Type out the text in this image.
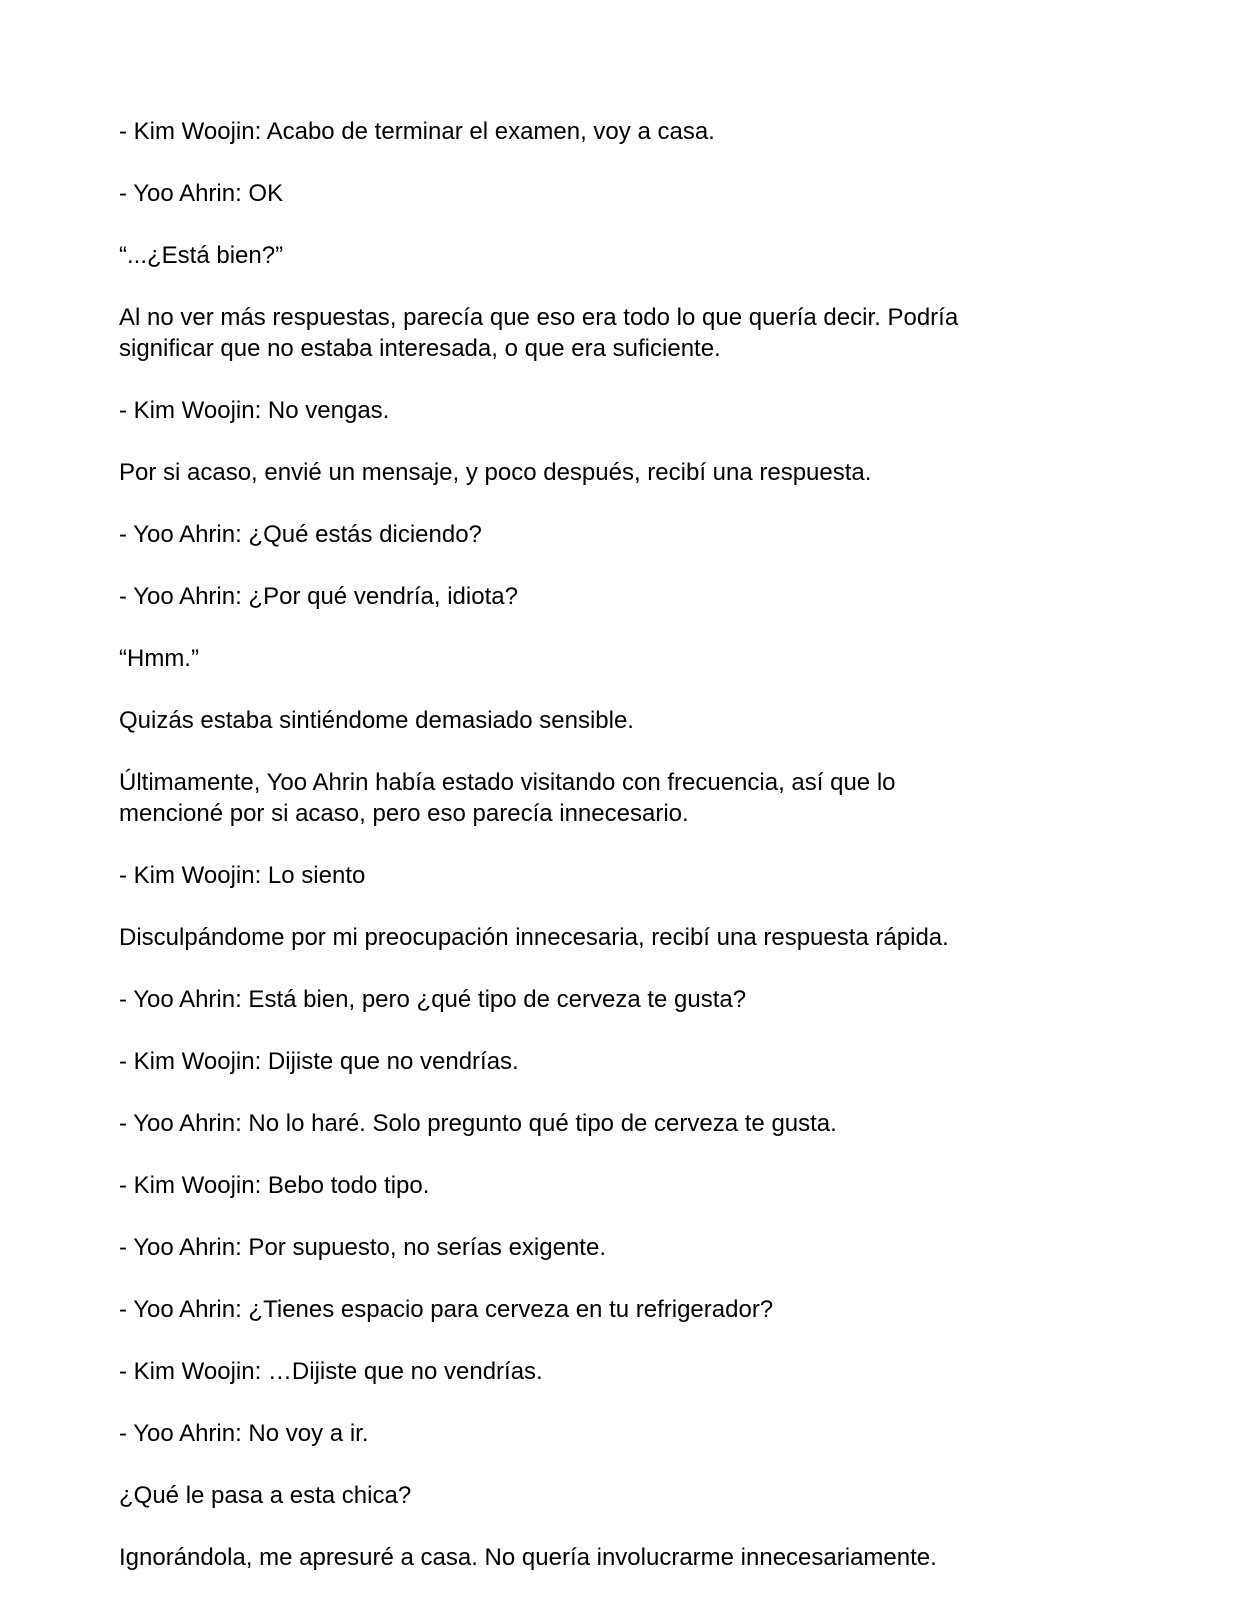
- Kim Woojin: Acabo de terminar el examen, voy a casa.

- Yoo Ahrin: OK

“...¿Está bien?”

Al no ver más respuestas, parecía que eso era todo lo que quería decir. Podría
significar que no estaba interesada, o que era suficiente.

- Kim Woojin: No vengas.

Por si acaso, envié un mensaje, y poco después, recibí una respuesta.

- Yoo Ahrin: ¿Qué estás diciendo?

- Yoo Ahrin: ¿Por qué vendría, idiota?

“Hmm.”

Quizás estaba sintiéndome demasiado sensible.

Últimamente, Yoo Ahrin había estado visitando con frecuencia, así que lo
mencioné por si acaso, pero eso parecía innecesario.

- Kim Woojin: Lo siento

Disculpándome por mi preocupación innecesaria, recibí una respuesta rápida.

- Yoo Ahrin: Está bien, pero ¿qué tipo de cerveza te gusta?

- Kim Woojin: Dijiste que no vendrías.

- Yoo Ahrin: No lo haré. Solo pregunto qué tipo de cerveza te gusta.

- Kim Woojin: Bebo todo tipo.

- Yoo Ahrin: Por supuesto, no serías exigente.

- Yoo Ahrin: ¿Tienes espacio para cerveza en tu refrigerador?

- Kim Woojin: …Dijiste que no vendrías.

- Yoo Ahrin: No voy a ir.

¿Qué le pasa a esta chica?

Ignorándola, me apresuré a casa. No quería involucrarme innecesariamente.
